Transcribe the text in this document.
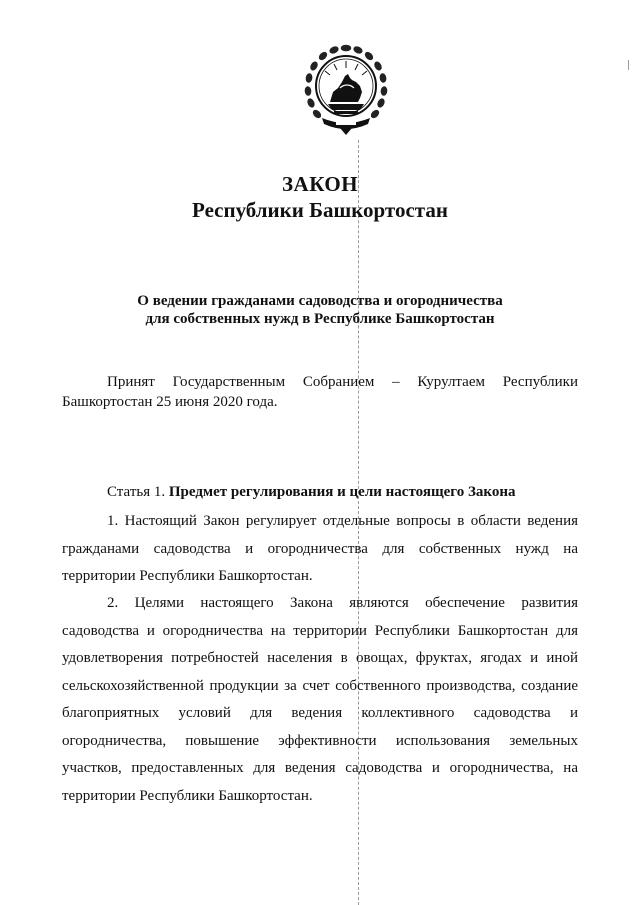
ЗАКОН
Республики Башкортостан
О ведении гражданами садоводства и огородничества
для собственных нужд в Республике Башкортостан
Принят Государственным Собранием – Курултаем Республики Башкортостан 25 июня 2020 года.
Статья 1. Предмет регулирования и цели настоящего Закона
1. Настоящий Закон регулирует отдельные вопросы в области ведения гражданами садоводства и огородничества для собственных нужд на территории Республики Башкортостан.
2. Целями настоящего Закона являются обеспечение развития садоводства и огородничества на территории Республики Башкортостан для удовлетворения потребностей населения в овощах, фруктах, ягодах и иной сельскохозяйственной продукции за счет собственного производства, создание благоприятных условий для ведения коллективного садоводства и огородничества, повышение эффективности использования земельных участков, предоставленных для ведения садоводства и огородничества, на территории Республики Башкортостан.
